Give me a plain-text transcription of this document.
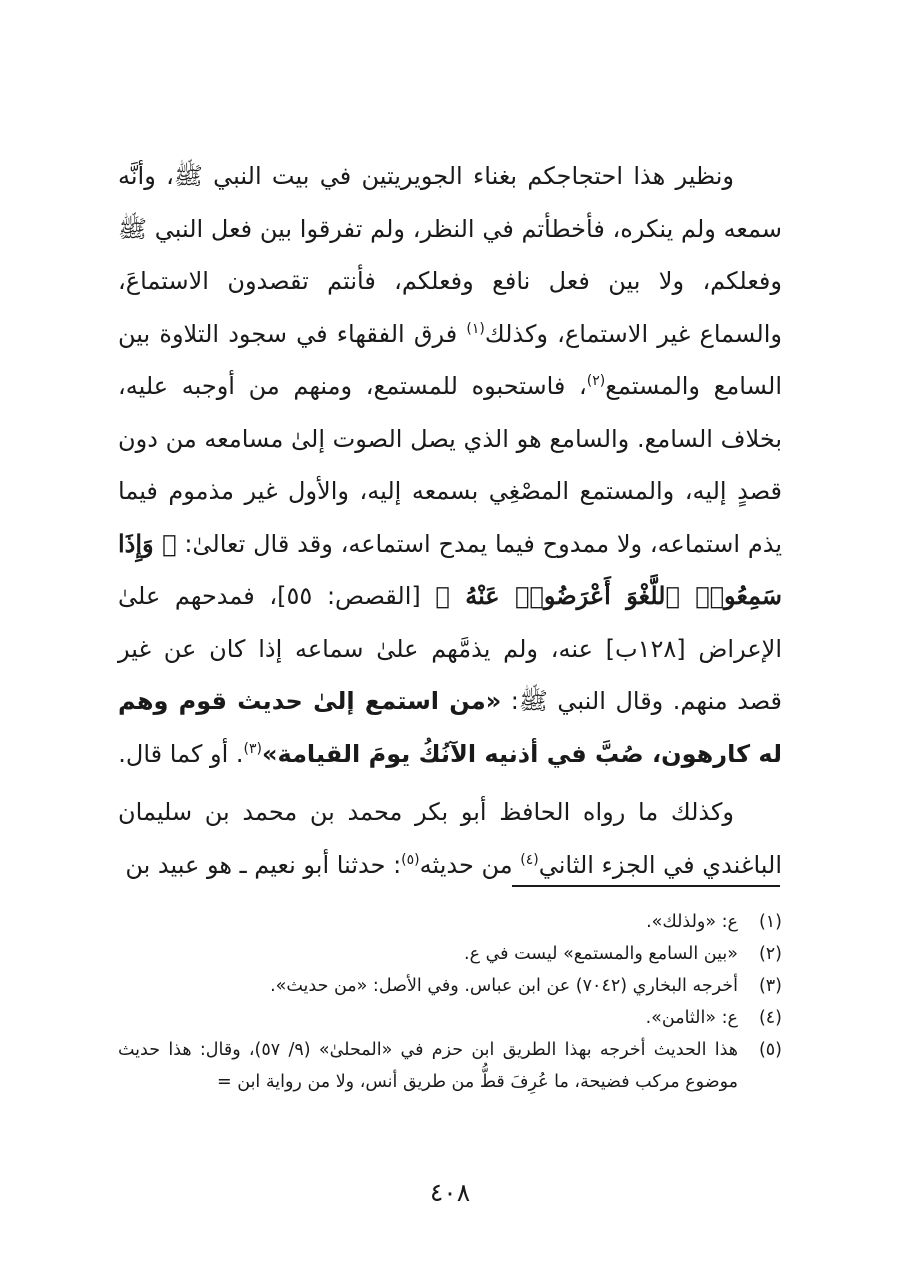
ونظير هذا احتجاجكم بغناء الجويريتين في بيت النبي ﷺ، وأنَّه سمعه ولم ينكره، فأخطأتم في النظر، ولم تفرقوا بين فعل النبي ﷺ وفعلكم، ولا بين فعل نافع وفعلكم، فأنتم تقصدون الاستماعَ، والسماع غير الاستماع، وكذلك$^{(١)}$ فرق الفقهاء في سجود التلاوة بين السامع والمستمع$^{(٢)}$، فاستحبوه للمستمع، ومنهم من أوجبه عليه، بخلاف السامع. والسامع هو الذي يصل الصوت إلىٰ مسامعه من دون قصدٍ إليه، والمستمع المصْغِي بسمعه إليه، والأول غير مذموم فيما يذم استماعه، ولا ممدوح فيما يمدح استماعه، وقد قال تعالىٰ: ﴿ وَإِذَا سَمِعُوا۟ ٱللَّغْوَ أَعْرَضُوا۟ عَنْهُ ﴾ [القصص: ٥٥]، فمدحهم علىٰ الإعراض [١٢٨ب] عنه، ولم يذمَّهم علىٰ سماعه إذا كان عن غير قصد منهم. وقال النبي ﷺ: «من استمع إلىٰ حديث قوم وهم له كارهون، صُبَّ في أذنيه الآنُكُ يومَ القيامة»$^{(٣)}$. أو كما قال.

وكذلك ما رواه الحافظ أبو بكر محمد بن محمد بن سليمان الباغندي في الجزء الثاني$^{(٤)}$ من حديثه$^{(٥)}$: حدثنا أبو نعيم ـ هو عبيد بن

(١)
ع: «ولذلك».
(٢)
«بين السامع والمستمع» ليست في ع.
(٣)
أخرجه البخاري (٧٠٤٢) عن ابن عباس. وفي الأصل: «من حديث».
(٤)
ع: «الثامن».
(٥)
هذا الحديث أخرجه بهذا الطريق ابن حزم في «المحلىٰ» (٩/ ٥٧)، وقال: هذا حديث موضوع مركب فضيحة، ما عُرِفَ قطُّ من طريق أنس، ولا من رواية ابن =
٤٠٨
